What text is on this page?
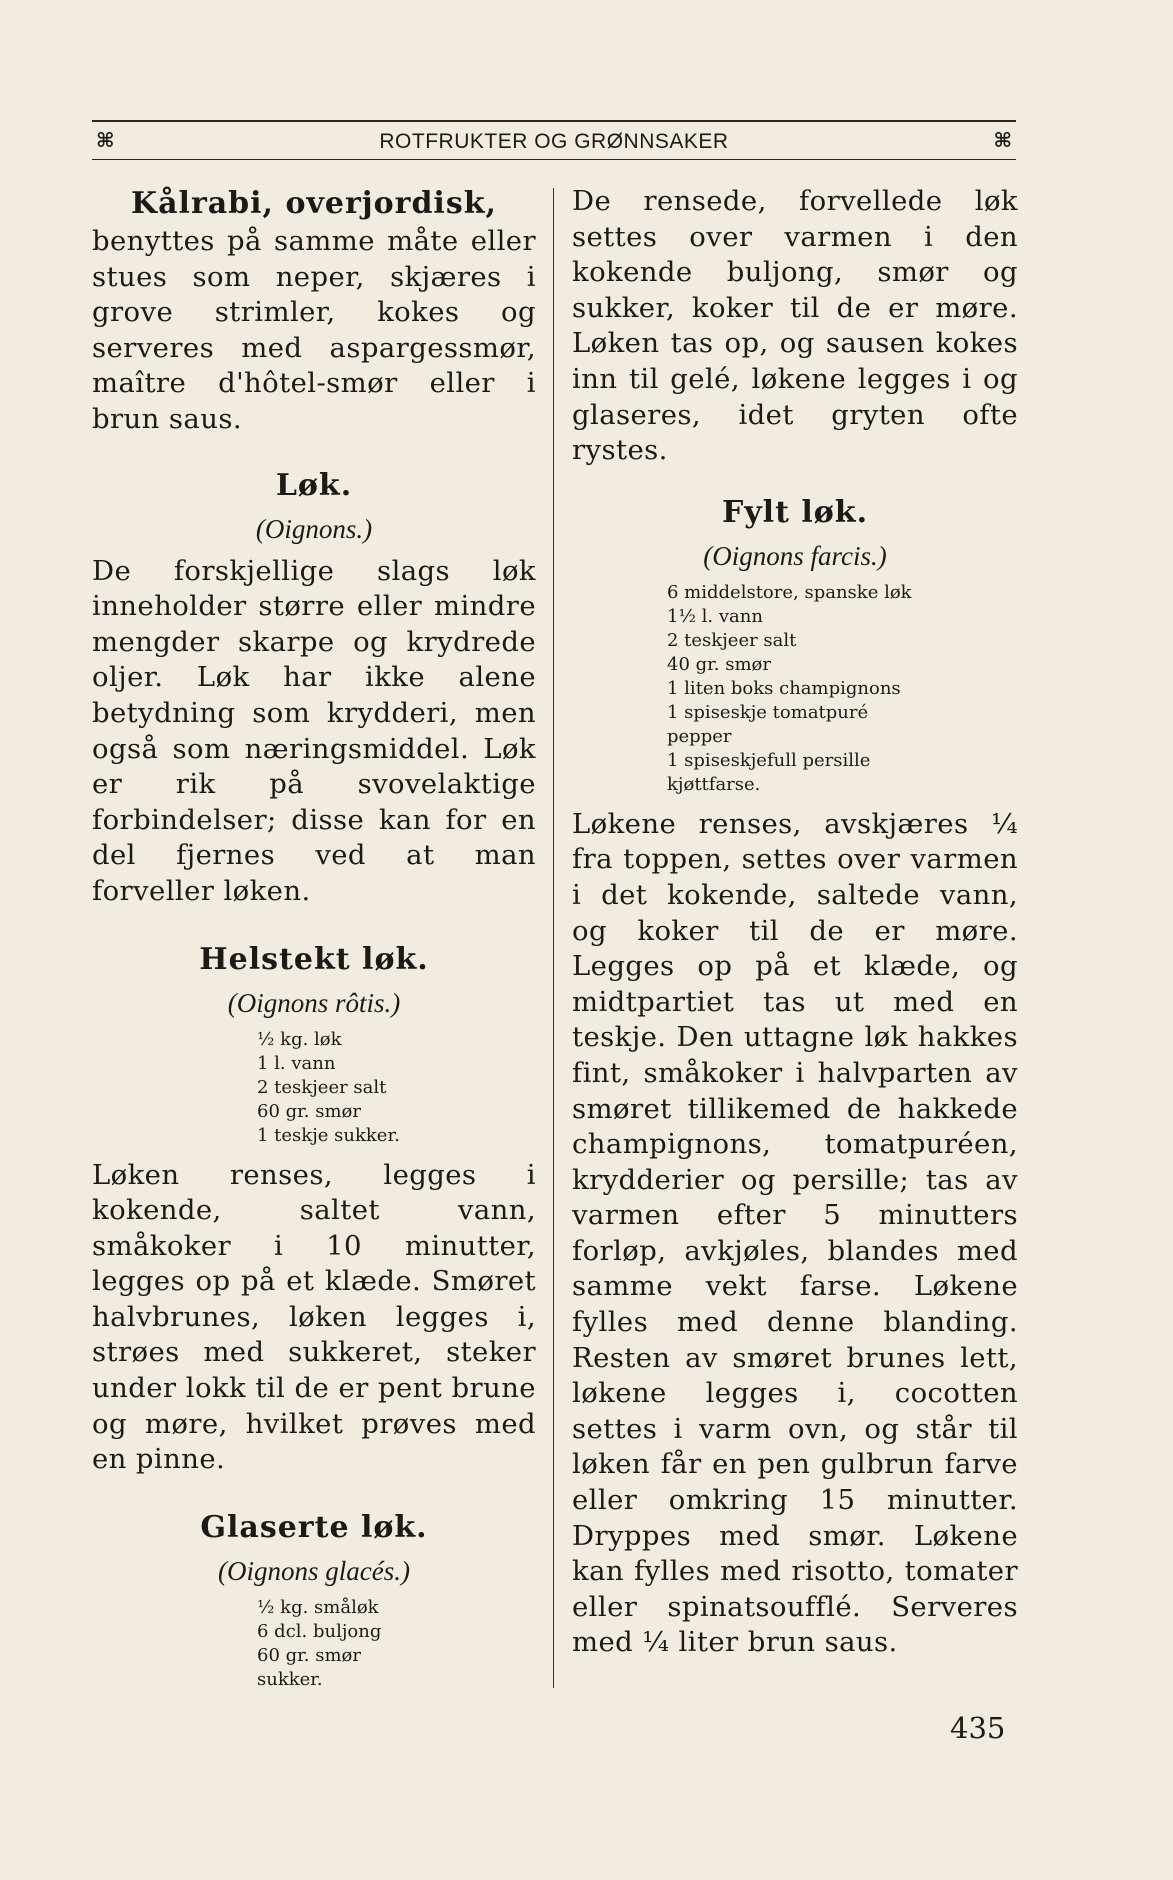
⌘	ROTFRUKTER OG GRØNNSAKER	⌘
Kålrabi, overjordisk,

benyttes på samme måte eller stues som neper, skjæres i grove strimler, kokes og serveres med aspargessmør, maître d'hôtel-smør eller i brun saus.

Løk.
(Oignons.)

De forskjellige slags løk inneholder større eller mindre mengder skarpe og krydrede oljer. Løk har ikke alene betydning som krydderi, men også som næringsmiddel. Løk er rik på svovelaktige forbindelser; disse kan for en del fjernes ved at man forveller løken.

Helstekt løk.
(Oignons rôtis.)
½ kg. løk
1 l. vann
2 teskjeer salt
60 gr. smør
1 teskje sukker.

Løken renses, legges i kokende, saltet vann, småkoker i 10 minutter, legges op på et klæde. Smøret halvbrunes, løken legges i, strøes med sukkeret, steker under lokk til de er pent brune og møre, hvilket prøves med en pinne.

Glaserte løk.
(Oignons glacés.)
½ kg. småløk
6 dcl. buljong
60 gr. smør
sukker.

De rensede, forvellede løk settes over varmen i den kokende buljong, smør og sukker, koker til de er møre. Løken tas op, og sausen kokes inn til gelé, løkene legges i og glaseres, idet gryten ofte rystes.

Fylt løk.
(Oignons farcis.)
6 middelstore, spanske løk
1½ l. vann
2 teskjeer salt
40 gr. smør
1 liten boks champignons
1 spiseskje tomatpuré
pepper
1 spiseskjefull persille
kjøttfarse.

Løkene renses, avskjæres ¼ fra toppen, settes over varmen i det kokende, saltede vann, og koker til de er møre. Legges op på et klæde, og midtpartiet tas ut med en teskje. Den uttagne løk hakkes fint, småkoker i halvparten av smøret tillikemed de hakkede champignons, tomatpuréen, krydderier og persille; tas av varmen efter 5 minutters forløp, avkjøles, blandes med samme vekt farse. Løkene fylles med denne blanding. Resten av smøret brunes lett, løkene legges i, cocotten settes i varm ovn, og står til løken får en pen gulbrun farve eller omkring 15 minutter. Dryppes med smør. Løkene kan fylles med risotto, tomater eller spinatsoufflé. Serveres med ¼ liter brun saus.

435
